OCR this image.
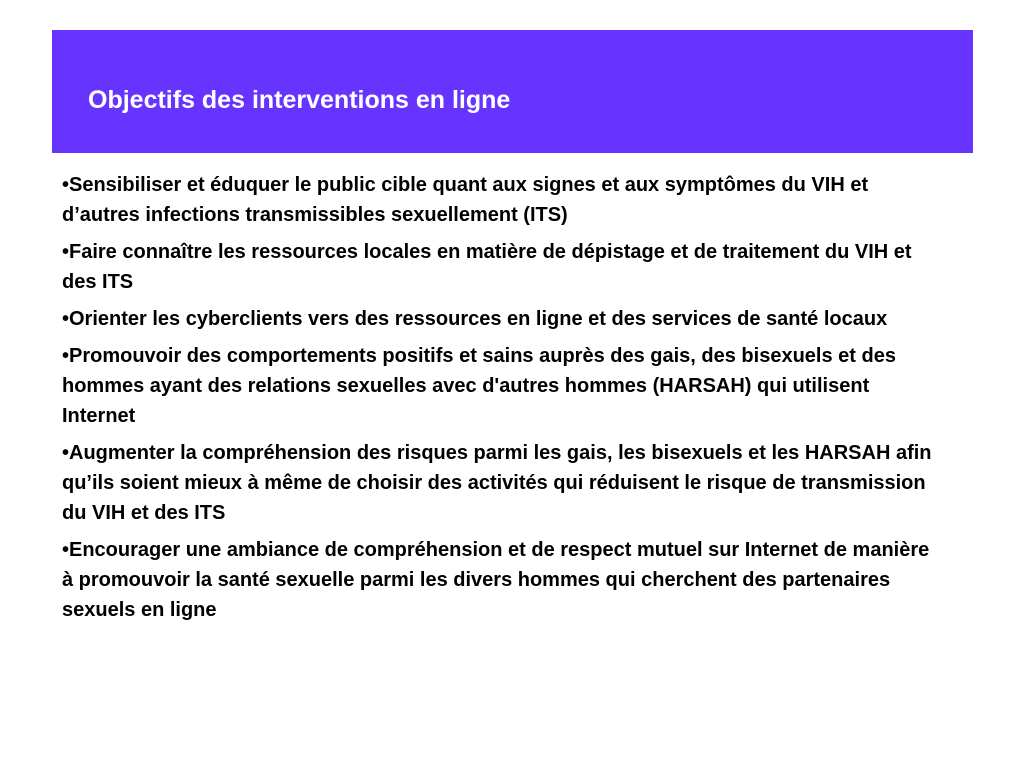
Objectifs des interventions en ligne
•Sensibiliser et éduquer le public cible quant aux signes et aux symptômes du VIH et d’autres infections transmissibles sexuellement (ITS)
•Faire connaître les ressources locales en matière de dépistage et de traitement du VIH et des ITS
•Orienter les cyberclients vers des ressources en ligne et des services de santé locaux
•Promouvoir des comportements positifs et sains auprès des gais, des bisexuels et des hommes ayant des relations sexuelles avec d'autres hommes (HARSAH) qui utilisent Internet
•Augmenter la compréhension des risques parmi les gais, les bisexuels et les HARSAH afin qu’ils soient mieux à même de choisir des activités qui réduisent le risque de transmission du VIH et des ITS
•Encourager une ambiance de compréhension et de respect mutuel sur Internet de manière à promouvoir la santé sexuelle parmi les divers hommes qui cherchent des partenaires sexuels en ligne
